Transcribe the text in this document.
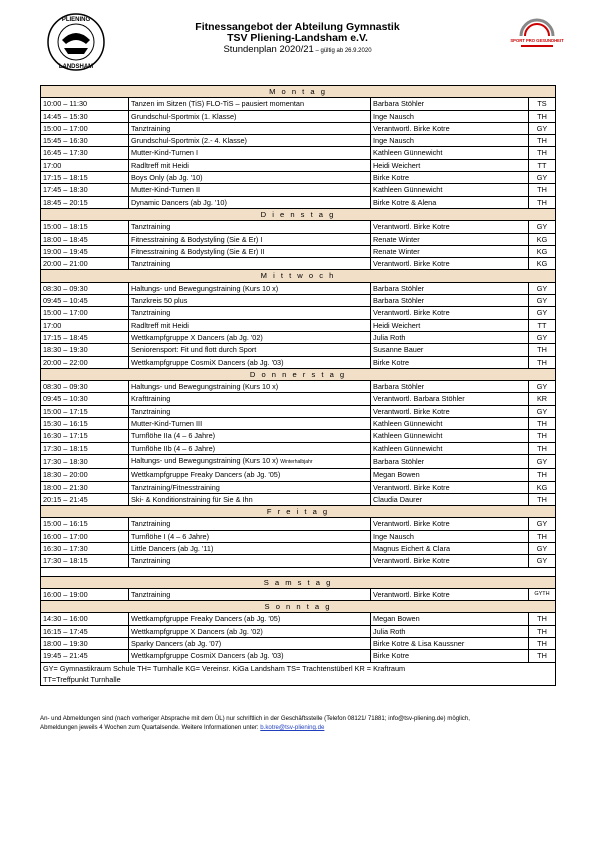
PLIENING
LANDSHAM
SPORT PRO GESUNDHEIT
Fitnessangebot der Abteilung Gymnastik
TSV Pliening-Landsham e.V.
Stundenplan 2020/21 – gültig ab 26.9.2020
M o n t a g			
10:00 – 11:30	Tanzen im Sitzen (TiS) FLO-TiS – pausiert momentan	Barbara Stöhler	TS
14:45 – 15:30	Grundschul-Sportmix (1. Klasse)	Inge Nausch	TH
15:00 – 17:00	Tanztraining	Verantwortl. Birke Kotre	GY
15:45 – 16:30	Grundschul-Sportmix (2.- 4. Klasse)	Inge Nausch	TH
16:45 – 17:30	Mutter-Kind-Turnen I	Kathleen Günnewicht	TH
17:00	Radltreff mit Heidi	Heidi Weichert	TT
17:15 – 18:15	Boys Only (ab Jg. '10)	Birke Kotre	GY
17:45 – 18:30	Mutter-Kind-Turnen II	Kathleen Günnewicht	TH
18:45 – 20:15	Dynamic Dancers (ab Jg. '10)	Birke Kotre & Alena	TH
D i e n s t a g			
15:00 – 18:15	Tanztraining	Verantwortl. Birke Kotre	GY
18:00 – 18:45	Fitnesstraining & Bodystyling (Sie & Er) I	Renate Winter	KG
19:00 – 19:45	Fitnesstraining & Bodystyling (Sie & Er) II	Renate Winter	KG
20:00 – 21:00	Tanztraining	Verantwortl. Birke Kotre	KG
M i t t w o c h			
08:30 – 09:30	Haltungs- und Bewegungstraining (Kurs 10 x)	Barbara Stöhler	GY
09:45 – 10:45	Tanzkreis 50 plus	Barbara Stöhler	GY
15:00 – 17:00	Tanztraining	Verantwortl. Birke Kotre	GY
17:00	Radltreff mit Heidi	Heidi Weichert	TT
17:15 – 18:45	Wettkampfgruppe X Dancers (ab Jg. '02)	Julia Roth	GY
18:30 – 19:30	Seniorensport: Fit und flott durch Sport	Susanne Bauer	TH
20:00 – 22:00	Wettkampfgruppe CosmiX Dancers (ab Jg. '03)	Birke Kotre	TH
D o n n e r s t a g			
08:30 – 09:30	Haltungs- und Bewegungstraining (Kurs 10 x)	Barbara Stöhler	GY
09:45 – 10:30	Krafttraining	Verantwortl. Barbara Stöhler	KR
15:00 – 17:15	Tanztraining	Verantwortl. Birke Kotre	GY
15:30 – 16:15	Mutter-Kind-Turnen III	Kathleen Günnewicht	TH
16:30 – 17:15	Turnflöhe IIa (4 – 6 Jahre)	Kathleen Günnewicht	TH
17:30 – 18:15	Turnflöhe IIb (4 – 6 Jahre)	Kathleen Günnewicht	TH
17:30 – 18:30	Haltungs- und Bewegungstraining (Kurs 10 x) Winterhalbjahr	Barbara Stöhler	GY
18:30 – 20:00	Wettkampfgruppe Freaky Dancers (ab Jg. '05)	Megan Bowen	TH
18:00 – 21:30	Tanztraining/Fitnesstraining	Verantwortl. Birke Kotre	KG
20:15 – 21:45	Ski- & Konditionstraining für Sie & Ihn	Claudia Daurer	TH
F r e i t a g			
15:00 – 16:15	Tanztraining	Verantwortl. Birke Kotre	GY
16:00 – 17:00	Turnflöhe I (4 – 6 Jahre)	Inge Nausch	TH
16:30 – 17:30	Little Dancers (ab Jg. '11)	Magnus Eichert & Clara	GY
17:30 – 18:15	Tanztraining	Verantwortl. Birke Kotre	GY

S a m s t a g			
16:00 – 19:00	Tanztraining	Verantwortl. Birke Kotre	GYTH
S o n n t a g			
14:30 – 16:00	Wettkampfgruppe Freaky Dancers (ab Jg. '05)	Megan Bowen	TH
16:15 – 17:45	Wettkampfgruppe X Dancers (ab Jg. '02)	Julia Roth	TH
18:00 – 19:30	Sparky Dancers (ab Jg. '07)	Birke Kotre & Lisa Kaussner	TH
19:45 – 21:45	Wettkampfgruppe CosmiX Dancers (ab Jg. '03)	Birke Kotre	TH

GY= Gymnastikraum Schule TH= Turnhalle KG= Vereinsr. KiGa Landsham TS= Trachtenstüberl KR = Kraftraum
TT=Treffpunkt Turnhalle			
An- und Abmeldungen sind (nach vorheriger Absprache mit dem ÜL) nur schriftlich in der Geschäftsstelle (Telefon 08121/ 71881; info@tsv-pliening.de) möglich,
Abmeldungen jeweils 4 Wochen zum Quartalsende. Weitere Informationen unter: b.kotre@tsv-pliening.de
